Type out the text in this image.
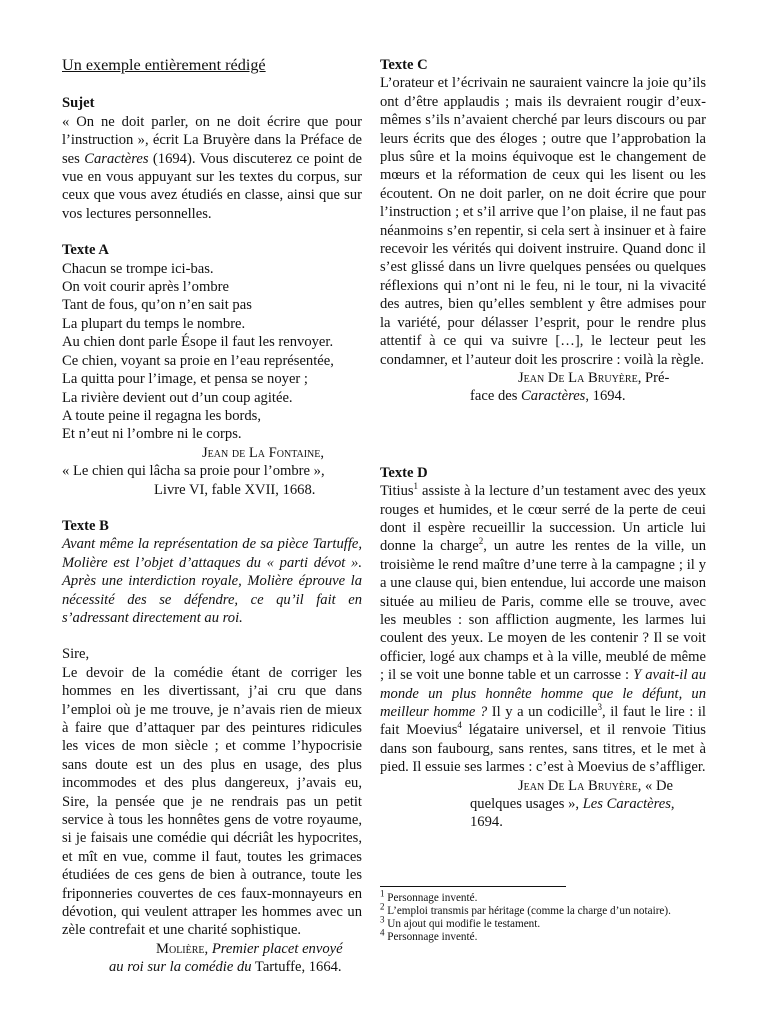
Un exemple entièrement rédigé
Sujet

« On ne doit parler, on ne doit écrire que pour l’instruction », écrit La Bruyère dans la Préface de ses Caractères (1694). Vous discuterez ce point de vue en vous appuyant sur les textes du corpus, sur ceux que vous avez étudiés en classe, ainsi que sur vos lectures personnelles.

Texte A
Chacun se trompe ici-bas.
On voit courir après l’ombre
Tant de fous, qu’on n’en sait pas
La plupart du temps le nombre.
Au chien dont parle Ésope il faut les renvoyer.
Ce chien, voyant sa proie en l’eau représentée,
La quitta pour l’image, et pensa se noyer ;
La rivière devient out d’un coup agitée.
A toute peine il regagna les bords,
Et n’eut ni l’ombre ni le corps.
Jean de La Fontaine,
« Le chien qui lâcha sa proie pour l’ombre »,
Livre VI, fable XVII, 1668.
Texte B

Avant même la représentation de sa pièce Tartuffe, Molière est l’objet d’attaques du « parti dévot ». Après une interdiction royale, Molière éprouve la nécessité des se défendre, ce qu’il fait en s’adressant directement au roi.

Sire,

Le devoir de la comédie étant de corriger les hommes en les divertissant, j’ai cru que dans l’emploi où je me trouve, je n’avais rien de mieux à faire que d’attaquer par des peintures ridicules les vices de mon siècle ; et comme l’hypocrisie sans doute est un des plus en usage, des plus incommodes et des plus dangereux, j’avais eu, Sire, la pensée que je ne rendrais pas un petit service à tous les honnêtes gens de votre royaume, si je faisais une comédie qui décriât les hypocrites, et mît en vue, comme il faut, toutes les grimaces étudiées de ces gens de bien à outrance, toute les friponneries couvertes de ces faux-monnayeurs en dévotion, qui veulent attraper les hommes avec un zèle contrefait et une charité sophistique.

Molière, Premier placet envoyé
au roi sur la comédie du Tartuffe, 1664.
Texte C

L’orateur et l’écrivain ne sauraient vaincre la joie qu’ils ont d’être applaudis ; mais ils devraient rougir d’eux-mêmes s’ils n’avaient cherché par leurs discours ou par leurs écrits que des éloges ; outre que l’approbation la plus sûre et la moins équivoque est le changement de mœurs et la réformation de ceux qui les lisent ou les écoutent. On ne doit parler, on ne doit écrire que pour l’instruction ; et s’il arrive que l’on plaise, il ne faut pas néanmoins s’en repentir, si cela sert à insinuer et à faire recevoir les vérités qui doivent instruire. Quand donc il s’est glissé dans un livre quelques pensées ou quelques réflexions qui n’ont ni le feu, ni le tour, ni la vivacité des autres, bien qu’elles semblent y être admises pour la variété, pour délasser l’esprit, pour le rendre plus attentif à ce qui va suivre […], le lecteur peut les condamner, et l’auteur doit les proscrire : voilà la règle.

Jean De La Bruyère, Pré-
face des Caractères, 1694.
Texte D

Titius$^1$ assiste à la lecture d’un testament avec des yeux rouges et humides, et le cœur serré de la perte de ceui dont il espère recueillir la succession. Un article lui donne la charge$^2$, un autre les rentes de la ville, un troisième le rend maître d’une terre à la campagne ; il y a une clause qui, bien entendue, lui accorde une maison située au milieu de Paris, comme elle se trouve, avec les meubles : son affliction augmente, les larmes lui coulent des yeux. Le moyen de les contenir ? Il se voit officier, logé aux champs et à la ville, meublé de même ; il se voit une bonne table et un carrosse : Y avait-il au monde un plus honnête homme que le défunt, un meilleur homme ? Il y a un codicille$^3$, il faut le lire : il fait Moevius$^4$ légataire universel, et il renvoie Titius dans son faubourg, sans rentes, sans titres, et le met à pied. Il essuie ses larmes : c’est à Moevius de s’affliger.

Jean De La Bruyère, « De
quelques usages », Les Caractères,
1694.
$^1$ Personnage inventé.
$^2$ L’emploi transmis par héritage (comme la charge d’un notaire).
$^3$ Un ajout qui modifie le testament.
$^4$ Personnage inventé.
